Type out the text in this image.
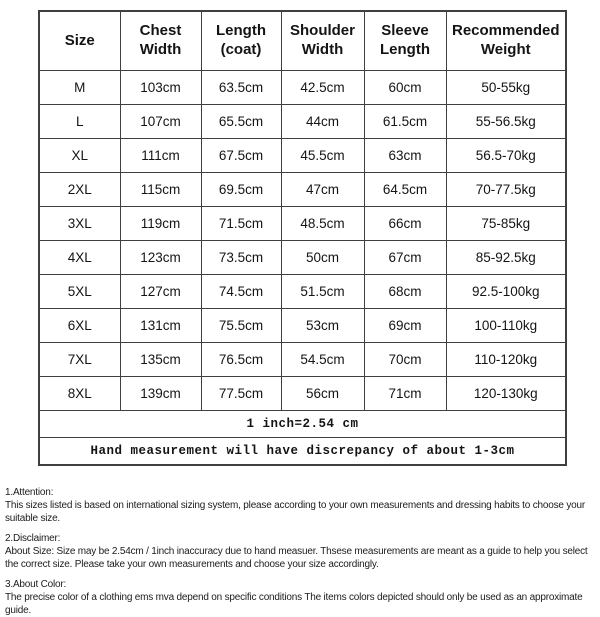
Size	Chest Width	Length (coat)	Shoulder Width	Sleeve Length	Recommended Weight
M	103cm	63.5cm	42.5cm	60cm	50-55kg
L	107cm	65.5cm	44cm	61.5cm	55-56.5kg
XL	111cm	67.5cm	45.5cm	63cm	56.5-70kg
2XL	115cm	69.5cm	47cm	64.5cm	70-77.5kg
3XL	119cm	71.5cm	48.5cm	66cm	75-85kg
4XL	123cm	73.5cm	50cm	67cm	85-92.5kg
5XL	127cm	74.5cm	51.5cm	68cm	92.5-100kg
6XL	131cm	75.5cm	53cm	69cm	100-110kg
7XL	135cm	76.5cm	54.5cm	70cm	110-120kg
8XL	139cm	77.5cm	56cm	71cm	120-130kg
1 inch=2.54 cm					
Hand measurement will have discrepancy of about 1-3cm					
1.Attention:
This sizes listed is based on international sizing system, please according to your own measurements and dressing habits to choose your suitable size.
2.Disclaimer:
About Size: Size may be 2.54cm / 1inch inaccuracy due to hand measuer. Thsese measurements are meant as a guide to help you select the correct size. Please take your own measurements and choose your size accordingly.
3.About Color:
The precise color of a clothing ems mva depend on specific conditions The items colors depicted should only be used as an approximate guide.
